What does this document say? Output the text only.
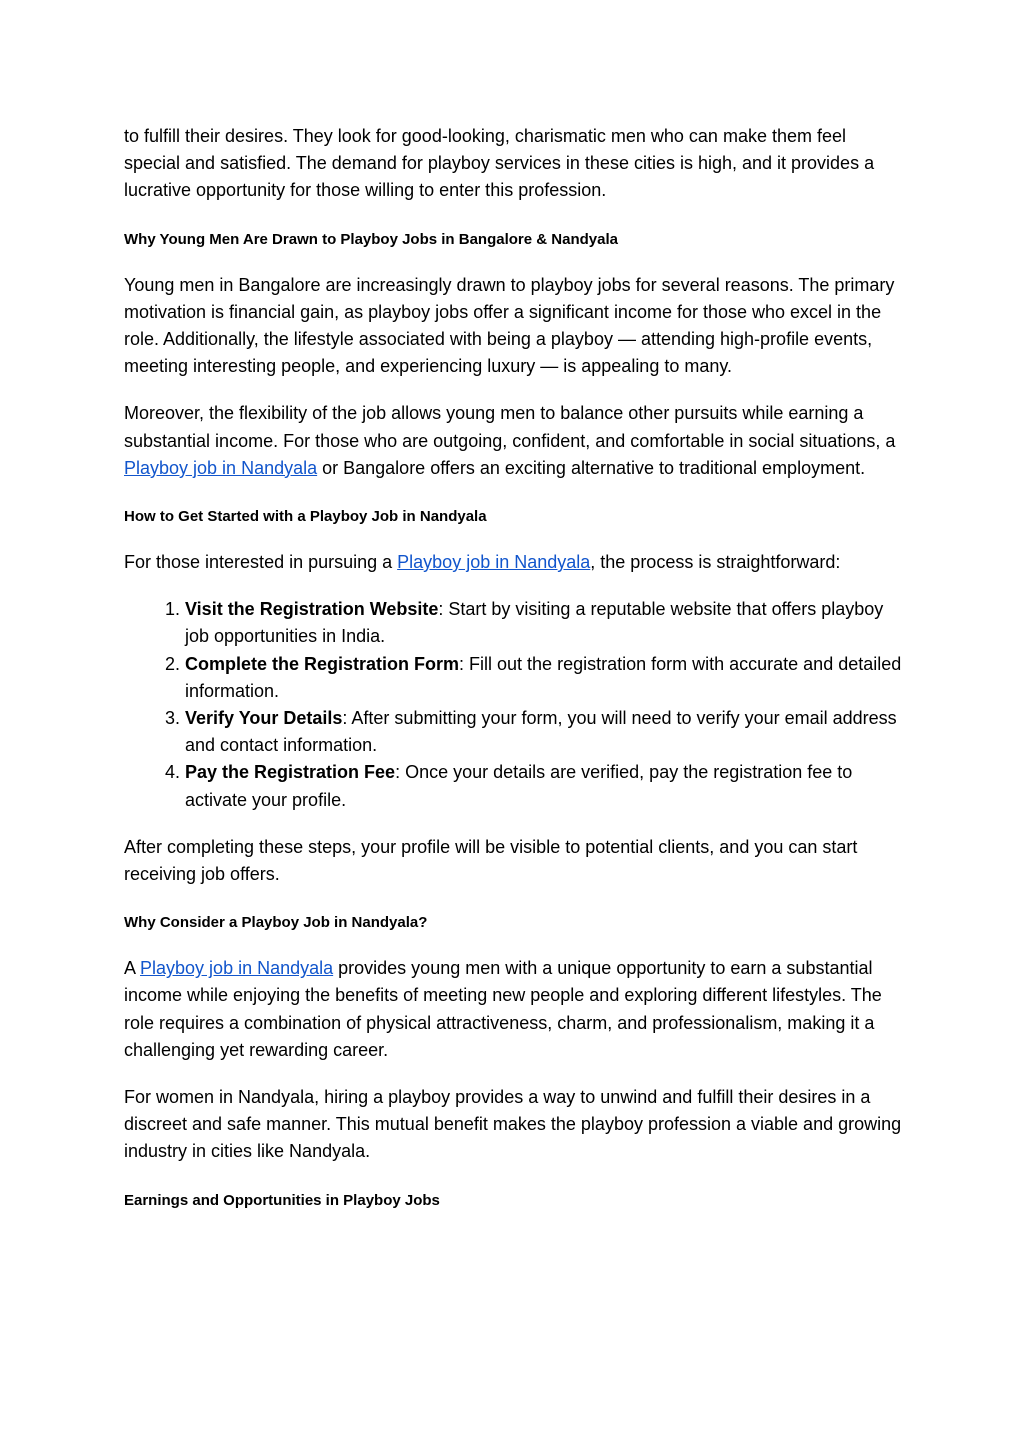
to fulfill their desires. They look for good-looking, charismatic men who can make them feel special and satisfied. The demand for playboy services in these cities is high, and it provides a lucrative opportunity for those willing to enter this profession.

Why Young Men Are Drawn to Playboy Jobs in Bangalore & Nandyala

Young men in Bangalore are increasingly drawn to playboy jobs for several reasons. The primary motivation is financial gain, as playboy jobs offer a significant income for those who excel in the role. Additionally, the lifestyle associated with being a playboy — attending high-profile events, meeting interesting people, and experiencing luxury — is appealing to many.

Moreover, the flexibility of the job allows young men to balance other pursuits while earning a substantial income. For those who are outgoing, confident, and comfortable in social situations, a Playboy job in Nandyala or Bangalore offers an exciting alternative to traditional employment.

How to Get Started with a Playboy Job in Nandyala

For those interested in pursuing a Playboy job in Nandyala, the process is straightforward:

1. Visit the Registration Website: Start by visiting a reputable website that offers playboy job opportunities in India.
2. Complete the Registration Form: Fill out the registration form with accurate and detailed information.
3. Verify Your Details: After submitting your form, you will need to verify your email address and contact information.
4. Pay the Registration Fee: Once your details are verified, pay the registration fee to activate your profile.

After completing these steps, your profile will be visible to potential clients, and you can start receiving job offers.

Why Consider a Playboy Job in Nandyala?

A Playboy job in Nandyala provides young men with a unique opportunity to earn a substantial income while enjoying the benefits of meeting new people and exploring different lifestyles. The role requires a combination of physical attractiveness, charm, and professionalism, making it a challenging yet rewarding career.

For women in Nandyala, hiring a playboy provides a way to unwind and fulfill their desires in a discreet and safe manner. This mutual benefit makes the playboy profession a viable and growing industry in cities like Nandyala.

Earnings and Opportunities in Playboy Jobs
